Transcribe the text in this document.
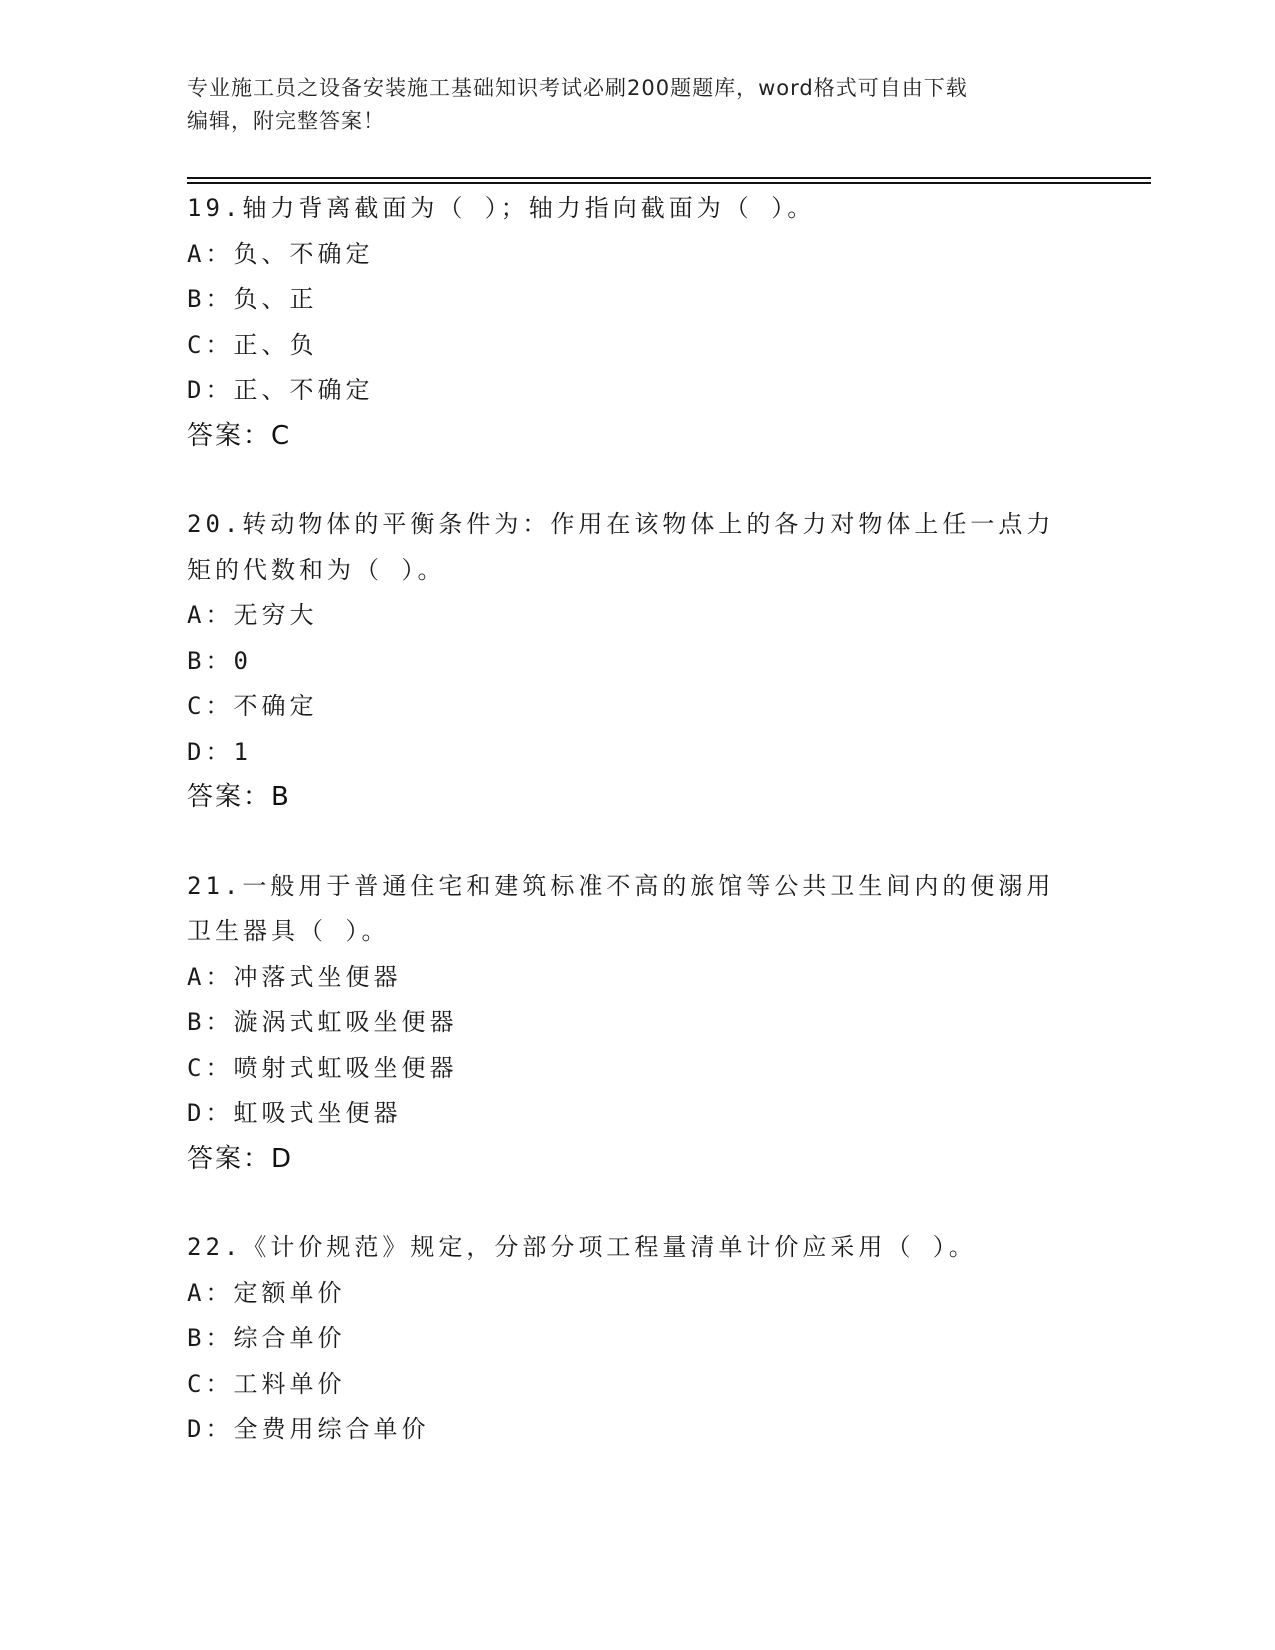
专业施工员之设备安装施工基础知识考试必刷200题题库，word格式可自由下载
编辑，附完整答案！
19.轴力背离截面为（ ）；轴力指向截面为（ ）。
A：负、不确定
B：负、正
C：正、负
D：正、不确定
答案：C
20.转动物体的平衡条件为：作用在该物体上的各力对物体上任一点力
矩的代数和为（ ）。
A：无穷大
B：0
C：不确定
D：1
答案：B
21.一般用于普通住宅和建筑标准不高的旅馆等公共卫生间内的便溺用
卫生器具（ ）。
A：冲落式坐便器
B：漩涡式虹吸坐便器
C：喷射式虹吸坐便器
D：虹吸式坐便器
答案：D
22.《计价规范》规定，分部分项工程量清单计价应采用（ ）。
A：定额单价
B：综合单价
C：工料单价
D：全费用综合单价
